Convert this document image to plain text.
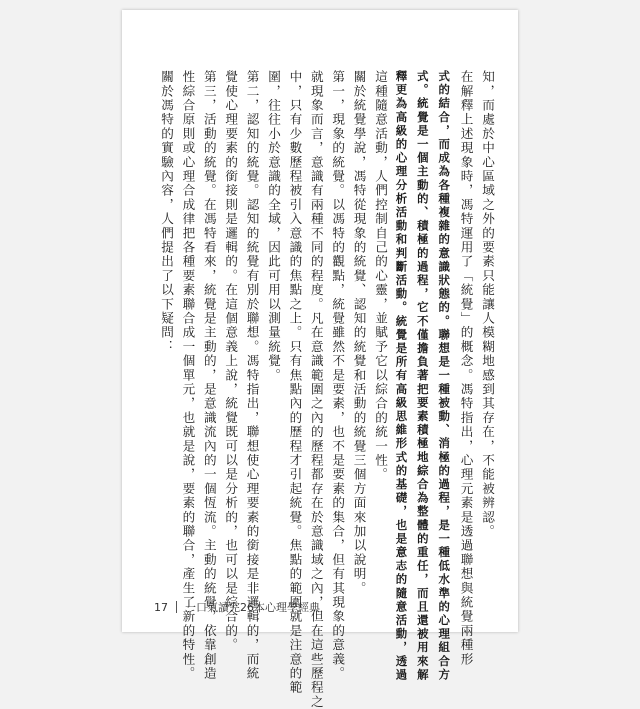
知，而處於中心區域之外的要素只能讓人模糊地感到其存在，不能被辨認。
在解釋上述現象時，馮特運用了「統覺」的概念。馮特指出，心理元素是透過聯想與統覺兩種形
式的結合，而成為各種複雜的意識狀態的。聯想是一種被動、消極的過程，是一種低水準的心理組合方
式。統覺是一個主動的、積極的過程，它不僅擔負著把要素積極地綜合為整體的重任，而且還被用來解
釋更為高級的心理分析活動和判斷活動。統覺是所有高級思維形式的基礎，也是意志的隨意活動，透過
這種隨意活動，人們控制自己的心靈，並賦予它以綜合的統一性。
關於統覺學說，馮特從現象的統覺、認知的統覺和活動的統覺三個方面來加以說明。
第一，現象的統覺。以馮特的觀點，統覺雖然不是要素，也不是要素的集合，但有其現象的意義。
就現象而言，意識有兩種不同的程度。凡在意識範圍之內的歷程都存在於意識域之內，但在這些歷程之
中，只有少數歷程被引入意識的焦點之上。只有焦點內的歷程才引起統覺。焦點的範圍就是注意的範
圍，往往小於意識的全域，因此可用以測量統覺。
第二，認知的統覺。認知的統覺有別於聯想。馮特指出，聯想使心理要素的銜接是非邏輯的，而統
覺使心理要素的銜接則是邏輯的。在這個意義上說，統覺既可以是分析的，也可以是綜合的。
第三，活動的統覺。在馮特看來，統覺是主動的，是意識流內的一個恆流。主動的統覺，依靠創造
性綜合原則或心理合成律把各種要素聯合成一個單元，也就是說，要素的聯合，產生了新的特性。
關於馮特的實驗內容，人們提出了以下疑問：
17 一口氣讀完26本心理學經典
